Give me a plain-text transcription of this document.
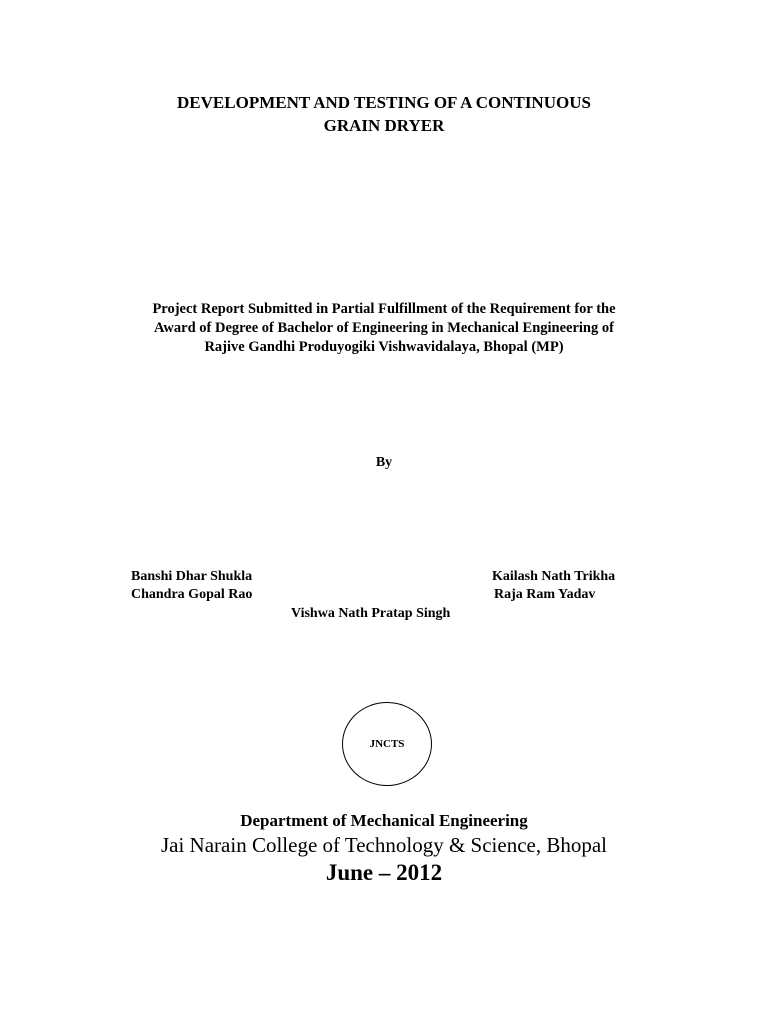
DEVELOPMENT AND TESTING OF A CONTINUOUS
GRAIN DRYER
Project Report Submitted in Partial Fulfillment of the Requirement for the
Award of Degree of Bachelor of Engineering in Mechanical Engineering of
Rajive Gandhi Produyogiki Vishwavidalaya, Bhopal (MP)
By
Banshi Dhar Shukla
Chandra Gopal Rao
Kailash Nath Trikha
Raja Ram Yadav
Vishwa Nath Pratap Singh
JNCTS
Department of Mechanical Engineering
Jai Narain College of Technology & Science, Bhopal
June – 2012
